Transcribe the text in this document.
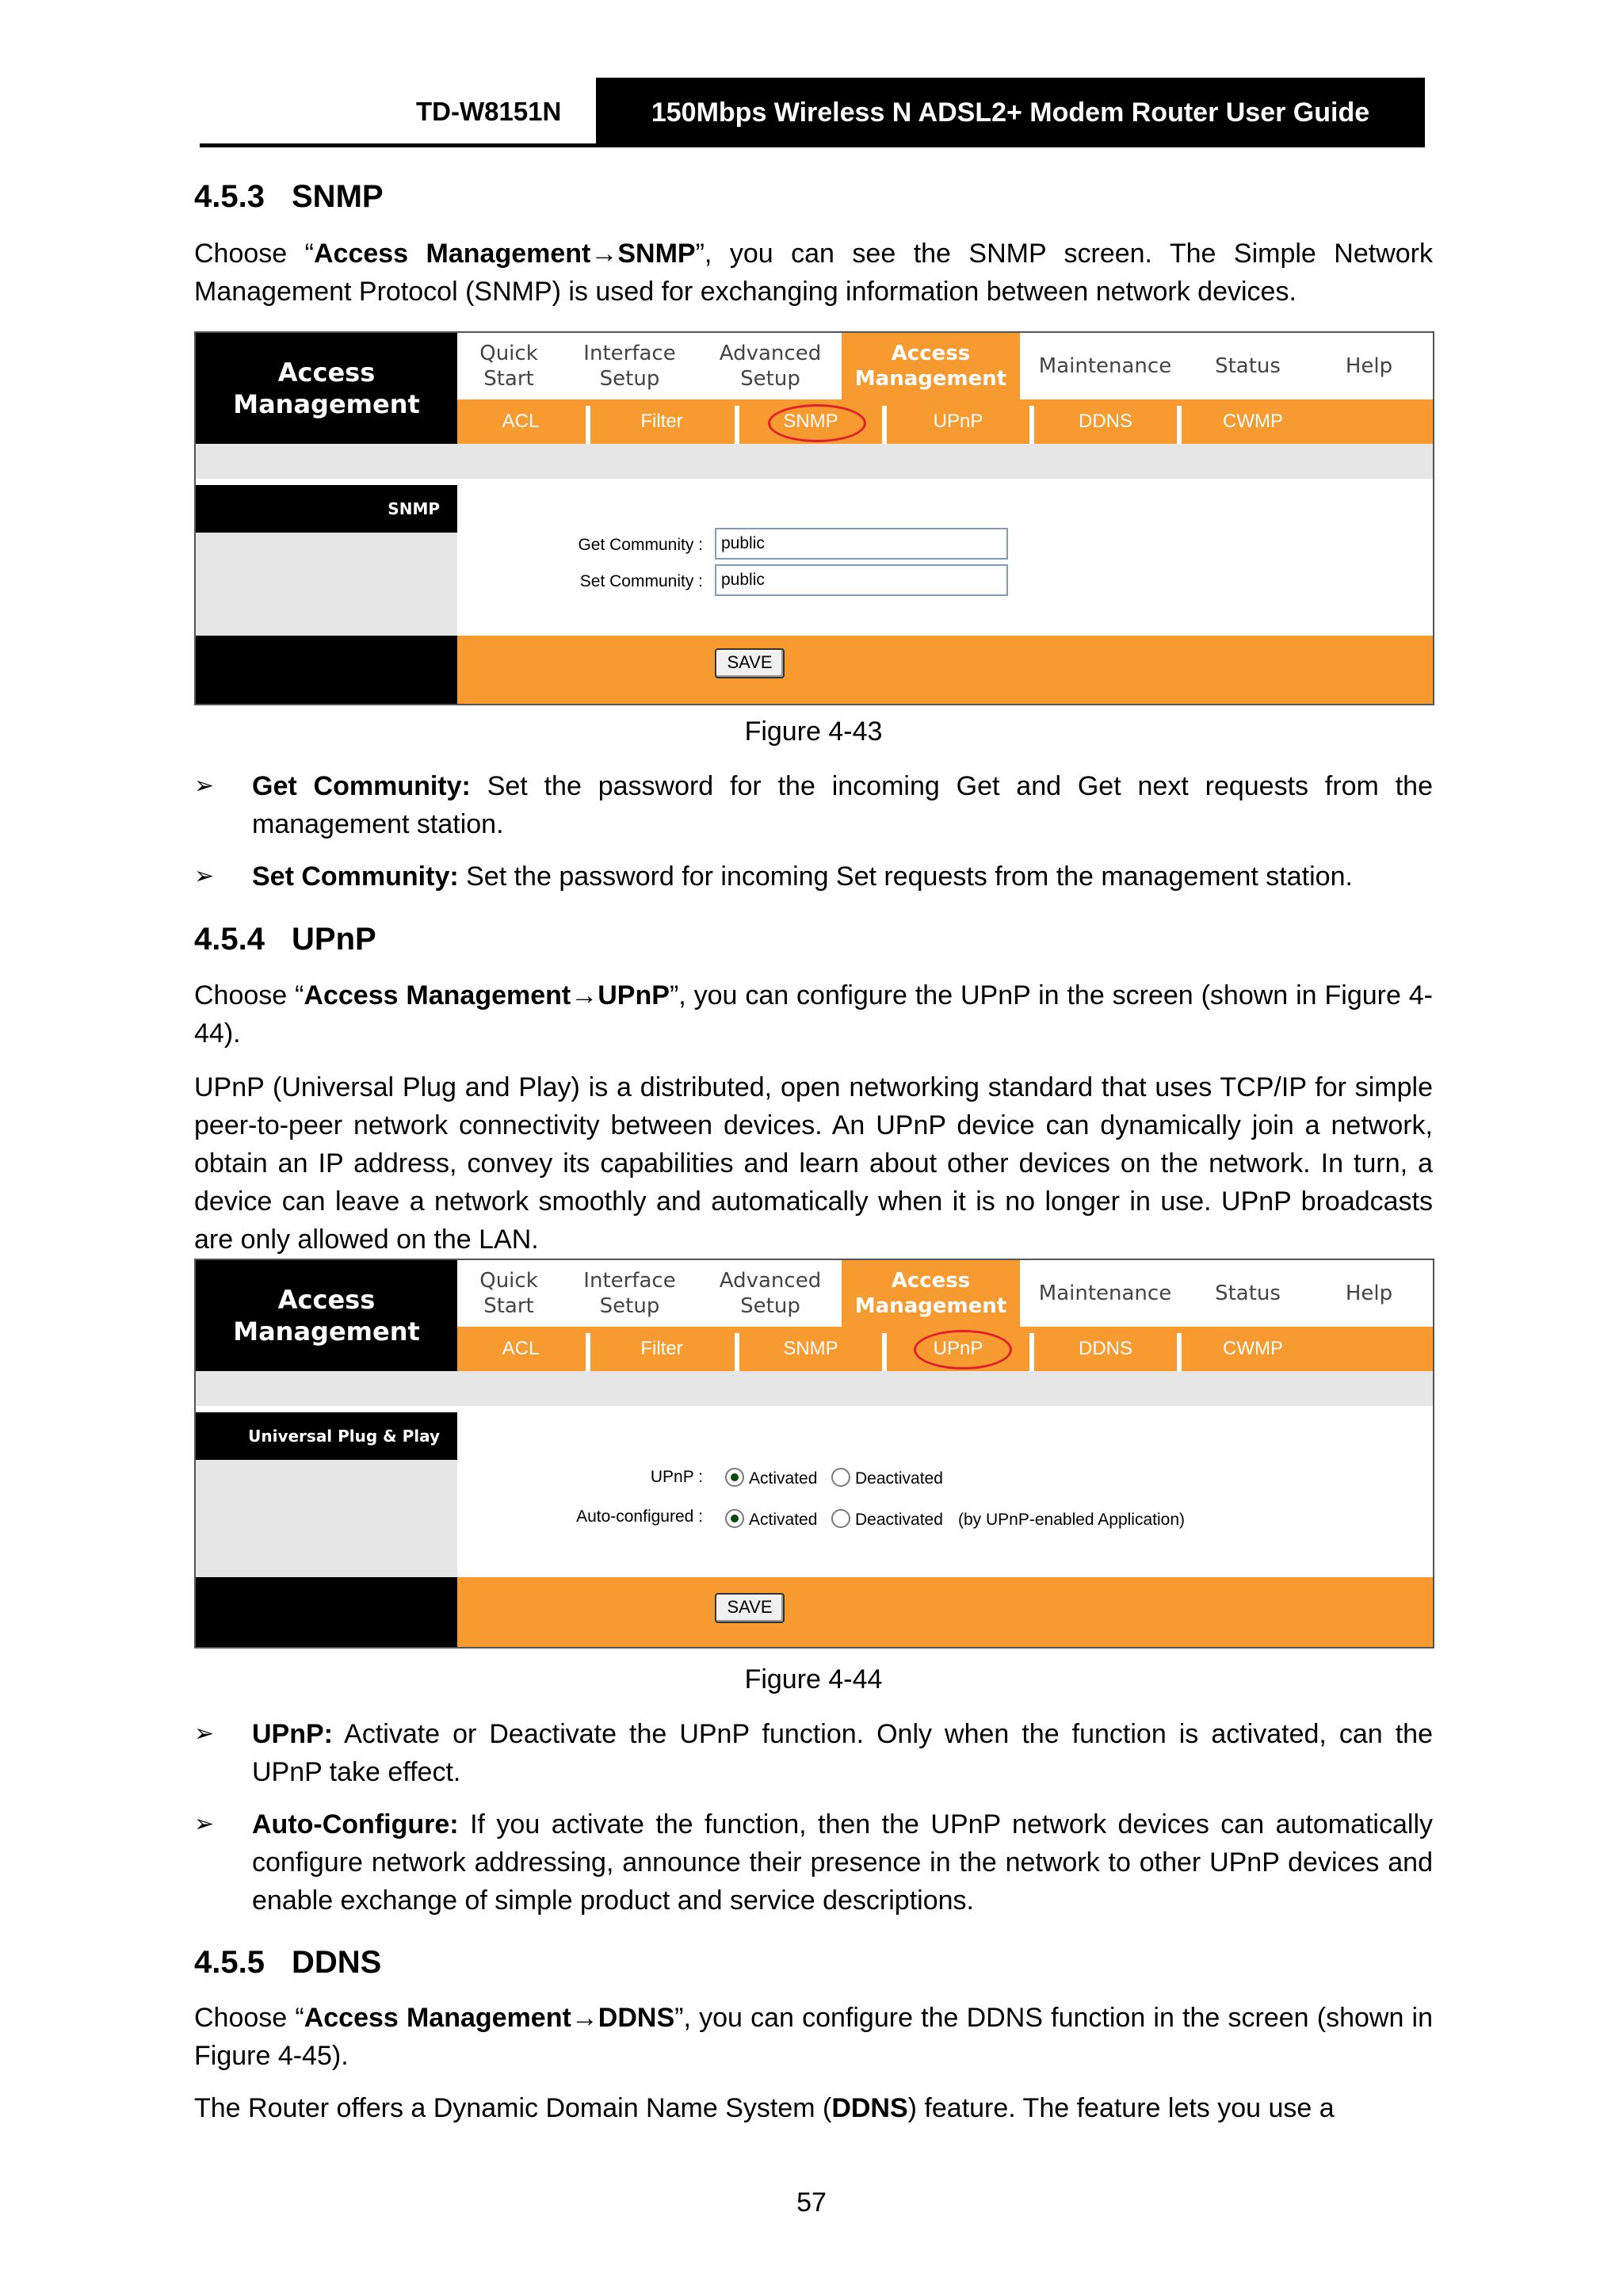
TD-W8151N	150Mbps Wireless N ADSL2+ Modem Router User Guide
4.5.3 SNMP

Choose “Access Management→SNMP”, you can see the SNMP screen. The Simple Network Management Protocol (SNMP) is used for exchanging information between network devices.

Access
Management
Quick
Start
Interface
Setup
Advanced
Setup
Access
Management
Maintenance Status	Help
ACL	Filter	SNMP	UPnP	DDNS	CWMP
SNMP
Get Community :	public
Set Community :	public
SAVE
Figure 4-43
➢ Get Community: Set the password for the incoming Get and Get next requests from the management station.
➢ Set Community: Set the password for incoming Set requests from the management station.
4.5.4 UPnP

Choose “Access Management→UPnP”, you can configure the UPnP in the screen (shown in Figure 4-44).

UPnP (Universal Plug and Play) is a distributed, open networking standard that uses TCP/IP for simple peer-to-peer network connectivity between devices. An UPnP device can dynamically join a network, obtain an IP address, convey its capabilities and learn about other devices on the network. In turn, a device can leave a network smoothly and automatically when it is no longer in use. UPnP broadcasts are only allowed on the LAN.

Access
Management
Quick
Start
Interface
Setup
Advanced
Setup
Access
Management
Maintenance Status	Help
ACL	Filter	SNMP	UPnP	DDNS	CWMP
Universal Plug & Play
UPnP :	Activated Deactivated
Auto-configured :	Activated Deactivated (by UPnP-enabled Application)
SAVE
Figure 4-44
➢ UPnP: Activate or Deactivate the UPnP function. Only when the function is activated, can the UPnP take effect.
➢ Auto-Configure: If you activate the function, then the UPnP network devices can automatically configure network addressing, announce their presence in the network to other UPnP devices and enable exchange of simple product and service descriptions.
4.5.5 DDNS

Choose “Access Management→DDNS”, you can configure the DDNS function in the screen (shown in Figure 4-45).

The Router offers a Dynamic Domain Name System (DDNS) feature. The feature lets you use a

57
